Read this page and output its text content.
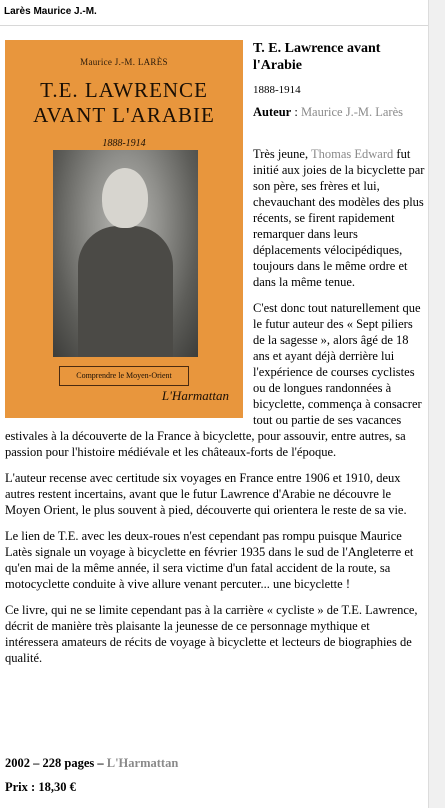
Larès Maurice J.-M.
Maurice J.-M. LARÈS
T.E. LAWRENCE
AVANT L'ARABIE
1888-1914
Comprendre le Moyen-Orient
L'Harmattan
T. E. Lawrence avant l'Arabie
1888-1914
Auteur : Maurice J.-M. Larès

Très jeune, Thomas Edward fut initié aux joies de la bicyclette par son père, ses frères et lui, chevauchant des modèles des plus récents, se firent rapidement remarquer dans leurs déplacements vélocipédiques, toujours dans le même ordre et dans la même tenue.

C'est donc tout naturellement que le futur auteur des « Sept piliers de la sagesse », alors âgé de 18 ans et ayant déjà derrière lui l'expérience de courses cyclistes ou de longues randonnées à bicyclette, commença à consacrer tout ou partie de ses vacances estivales à la découverte de la France à bicyclette, pour assouvir, entre autres, sa passion pour l'histoire médiévale et les châteaux-forts de l'époque.

L'auteur recense avec certitude six voyages en France entre 1906 et 1910, deux autres restent incertains, avant que le futur Lawrence d'Arabie ne découvre le Moyen Orient, le plus souvent à pied, découverte qui orientera le reste de sa vie.

Le lien de T.E. avec les deux-roues n'est cependant pas rompu puisque Maurice Latès signale un voyage à bicyclette en février 1935 dans le sud de l'Angleterre et qu'en mai de la même année, il sera victime d'un fatal accident de la route, sa motocyclette conduite à vive allure venant percuter... une bicyclette !

Ce livre, qui ne se limite cependant pas à la carrière « cycliste » de T.E. Lawrence, décrit de manière très plaisante la jeunesse de ce personnage mythique et intéressera amateurs de récits de voyage à bicyclette et lecteurs de biographies de qualité.

2002 – 228 pages – L'Harmattan
Prix : 18,30 €
